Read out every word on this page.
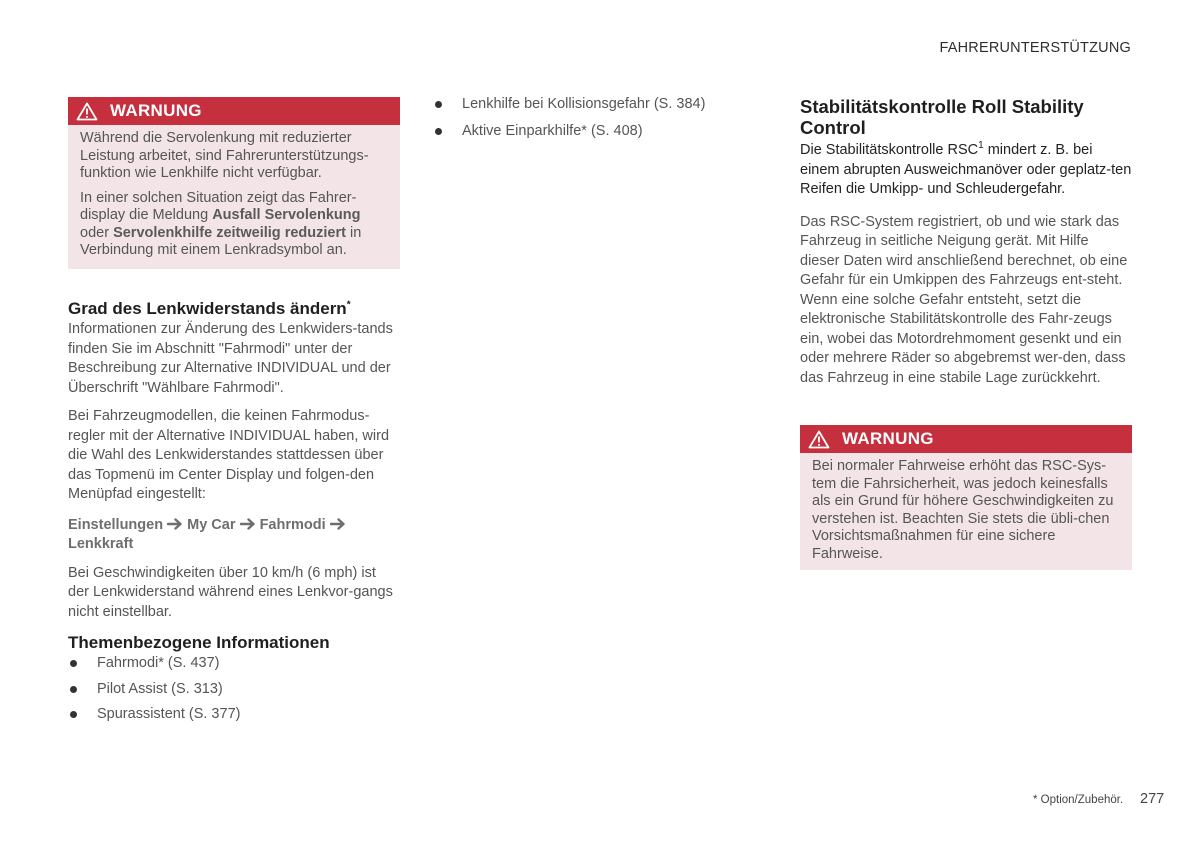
FAHRERUNTERSTÜTZUNG
WARNUNG

Während die Servolenkung mit reduzierter Leistung arbeitet, sind Fahrerunterstützungs-funktion wie Lenkhilfe nicht verfügbar.

In einer solchen Situation zeigt das Fahrer-display die Meldung Ausfall Servolenkung oder Servolenkhilfe zeitweilig reduziert in Verbindung mit einem Lenkradsymbol an.

Grad des Lenkwiderstands ändern*

Informationen zur Änderung des Lenkwiders-tands finden Sie im Abschnitt "Fahrmodi" unter der Beschreibung zur Alternative INDIVIDUAL und der Überschrift "Wählbare Fahrmodi".

Bei Fahrzeugmodellen, die keinen Fahrmodus-regler mit der Alternative INDIVIDUAL haben, wird die Wahl des Lenkwiderstandes stattdessen über das Topmenü im Center Display und folgen-den Menüpfad eingestellt:

Einstellungen My Car Fahrmodi
Lenkkraft

Bei Geschwindigkeiten über 10 km/h (6 mph) ist der Lenkwiderstand während eines Lenkvor-gangs nicht einstellbar.

Themenbezogene Informationen
Fahrmodi* (S. 437)
Pilot Assist (S. 313)
Spurassistent (S. 377)
Lenkhilfe bei Kollisionsgefahr (S. 384)
Aktive Einparkhilfe* (S. 408)
Stabilitätskontrolle Roll Stability Control

Die Stabilitätskontrolle RSC$^1$ mindert z. B. bei einem abrupten Ausweichmanöver oder geplatz-ten Reifen die Umkipp- und Schleudergefahr.

Das RSC-System registriert, ob und wie stark das Fahrzeug in seitliche Neigung gerät. Mit Hilfe dieser Daten wird anschließend berechnet, ob eine Gefahr für ein Umkippen des Fahrzeugs ent-steht. Wenn eine solche Gefahr entsteht, setzt die elektronische Stabilitätskontrolle des Fahr-zeugs ein, wobei das Motordrehmoment gesenkt und ein oder mehrere Räder so abgebremst wer-den, dass das Fahrzeug in eine stabile Lage zurückkehrt.

WARNUNG

Bei normaler Fahrweise erhöht das RSC-Sys-tem die Fahrsicherheit, was jedoch keinesfalls als ein Grund für höhere Geschwindigkeiten zu verstehen ist. Beachten Sie stets die übli-chen Vorsichtsmaßnahmen für eine sichere Fahrweise.

* Option/Zubehör. 277
